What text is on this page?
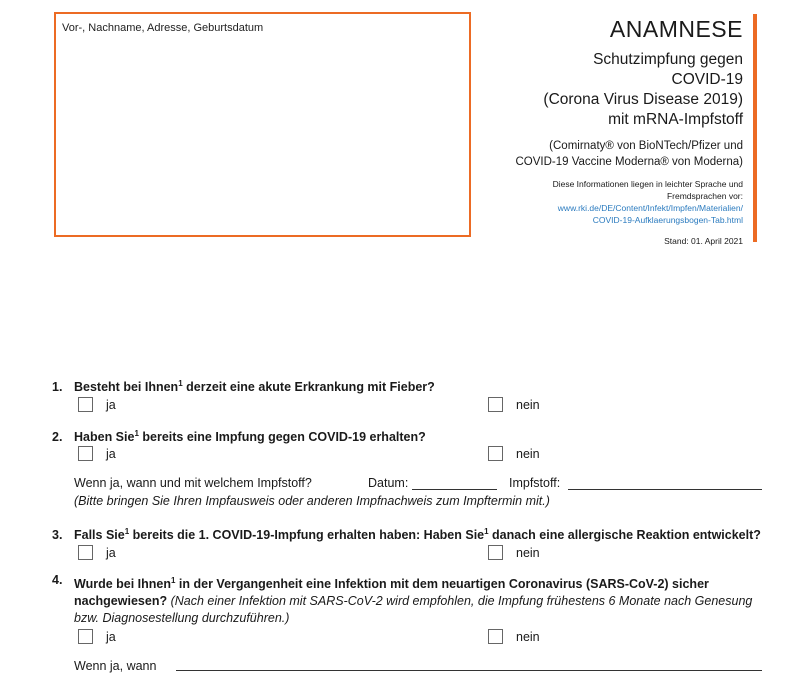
Vor-, Nachname, Adresse, Geburtsdatum	ANAMNESE
Schutzimpfung gegen
COVID-19
(Corona Virus Disease 2019)
mit mRNA-Impfstoff
(Comirnaty® von BioNTech/Pfizer und
COVID-19 Vaccine Moderna® von Moderna)
Diese Informationen liegen in leichter Sprache und
Fremdsprachen vor:
www.rki.de/DE/Content/Infekt/Impfen/Materialien/
COVID-19-Aufklaerungsbogen-Tab.html
Stand: 01. April 2021
1. Besteht bei Ihnen$^1$ derzeit eine akute Erkrankung mit Fieber?
ja	nein
2. Haben Sie$^1$ bereits eine Impfung gegen COVID-19 erhalten?
ja	nein
Wenn ja, wann und mit welchem Impfstoff?	Datum:	Impfstoff:
(Bitte bringen Sie Ihren Impfausweis oder anderen Impfnachweis zum Impftermin mit.)
3. Falls Sie$^1$ bereits die 1. COVID-19-Impfung erhalten haben: Haben Sie$^1$ danach eine allergische Reaktion entwickelt?
ja	nein
4. Wurde bei Ihnen$^1$ in der Vergangenheit eine Infektion mit dem neuartigen Coronavirus (SARS-CoV-2) sicher nachgewiesen? (Nach einer Infektion mit SARS-CoV-2 wird empfohlen, die Impfung frühestens 6 Monate nach Genesung bzw. Diagnosestellung durchzuführen.)
ja	nein
Wenn ja, wann
